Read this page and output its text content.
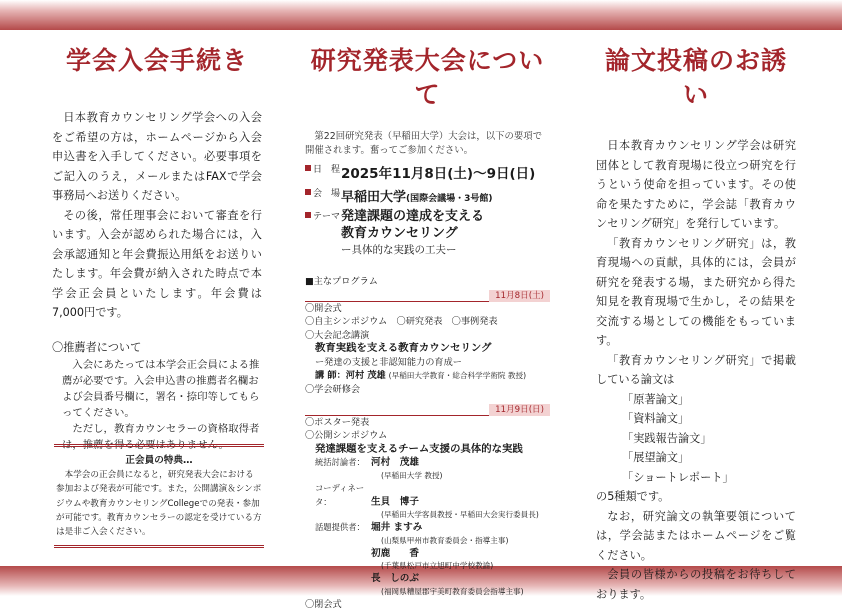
学会入会手続き

日本教育カウンセリング学会への入会をご希望の方は，ホームページから入会申込書を入手してください。必要事項をご記入のうえ，メールまたはFAXで学会事務局へお送りください。

その後，常任理事会において審査を行います。入会が認められた場合には，入会承認通知と年会費振込用紙をお送りいたします。年会費が納入された時点で本学会正会員といたします。年会費は7,000円です。

〇推薦者について

入会にあたっては本学会正会員による推薦が必要です。入会申込書の推薦者名欄および会員番号欄に，署名・捺印等してもらってください。

ただし，教育カウンセラーの資格取得者は，推薦を得る必要はありません。

正会員の特典…

本学会の正会員になると，研究発表大会における参加および発表が可能です。また，公開講演＆シンポジウムや教育カウンセリングCollegeでの発表・参加が可能です。教育カウンセラーの認定を受けている方は是非ご入会ください。

研究発表大会について
第22回研究発表（早稲田大学）大会は，以下の要項で開催されます。奮ってご参加ください。
日　程2025年11月8日(土)〜9日(日)
会　場早稲田大学(国際会議場・3号館)
テーマ発達課題の達成を支える
教育カウンセリング
ー具体的な実践の工夫ー
■主なプログラム
11月8日(土)
〇開会式
〇自主シンポジウム　〇研究発表　〇事例発表
〇大会記念講演
教育実践を支える教育カウンセリング
ー発達の支援と非認知能力の育成ー
講 師：河村 茂雄 (早稲田大学教育・総合科学学術院 教授)
〇学会研修会
11月9日(日)
〇ポスター発表
〇公開シンポジウム
発達課題を支えるチーム支援の具体的な実践
統括討論者： 河村　茂雄
(早稲田大学 教授)
コーディネータ：	生貝　博子
(早稲田大学客員教授・早稲田大会実行委員長)
話題提供者： 堀井 ますみ
(山梨県甲州市教育委員会・指導主事)
初鹿　　香
(千葉県松戸市立旭町中学校教諭)
長　しのぶ
(福岡県糟屋郡宇美町教育委員会指導主事)
〇閉会式
論文投稿のお誘い

日本教育カウンセリング学会は研究団体として教育現場に役立つ研究を行うという使命を担っています。その使命を果たすために，学会誌「教育カウンセリング研究」を発行しています。

「教育カウンセリング研究」は，教育現場への貢献，具体的には，会員が研究を発表する場，また研究から得た知見を教育現場で生かし，その結果を交流する場としての機能をもっています。

「教育カウンセリング研究」で掲載している論文は

「原著論文」
「資料論文」
「実践報告論文」
「展望論文」
「ショートレポート」

の5種類です。

なお，研究論文の執筆要領については，学会誌またはホームページをご覧ください。

会員の皆様からの投稿をお待ちしております。
